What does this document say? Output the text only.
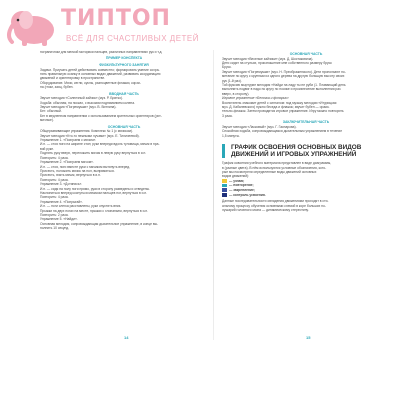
ТИПТОП
ВСЁ ДЛЯ СЧАСТЛИВЫХ ДЕТЕЙ
пограничном для мелкой моторики пальцев, различных направлениях рук и т.д.
ПРИМЕР КОНСПЕКТА
ФИЗКУЛЬТУРНОГО ЗАНЯТИЯ
Задачи. Приучать детей действовать совместно; формировать умение сохра-
нять правильную осанку в основных видах движений, развивать координацию
движений и ориентировку в пространстве.
Оборудование. Мячи, кегли, куклы, разноцветные флажки, корзи-
на (гном, заяц, бубен.
ВВОДНАЯ ЧАСТЬ
Звучит мелодия «Солнечный зайчик» (муз. Р. Бритко).
Ходьба: обычная, на носках, с высоким подниманием колена.
Звучит мелодия «Погремушки» (муз. В. Витлина).
Бег: обычный.
Бег в медленном направлении с использованием зрительных ориентиров (рит-
мичные).
ОСНОВНАЯ ЧАСТЬ
Общеразвивающие упражнения. Комплекс № 1 (с мячиком).
Звучит мелодия «Кто-то нежными лучами» (муз. Е. Тиличеевой).
Упражнение 1. «Поиграем с мячом».
И.п. — стоя ноги на ширине стоп; руки впереди вдоль туловища, мячик в пра-
вой руке.
Поднять руку вверх, переложить мячик в левую руку вернуться в и.п.
Повторить: 4 раза.
Упражнение 2. «Поиграем мячом».
И.п. — стоя, ноги вместе руки с мячиком вытянуть вперед.
Присесть, положить мячик на пол, выпрямиться.
Присесть, взять мячик, вернуться в и.п.
Повторить: 4 раза.
Упражнение 3. «Дотянись».
И.п. — сидя на полу ноги прямо, руки в сторону разведены и отведены.
Наклониться вперед коснуться мячиком пальцев ног, вернуться в и.п.
Повторить: 4 раза.
Упражнение 4. «Попрыгай».
И.п. — ноги слегка расставлены, руки опустить вниз.
Прыжки на двух ногах на месте, прыжки с хлопаньем, вернуться в и.п.
Повторить: 2 раза.
Упражнение 5. «Найди».
Основная мелодия, сопровождающая дыхательное упражнение, в конце вы-
полнить 10 секунд.
14
ОСНОВНАЯ ЧАСТЬ
Звучит мелодия «Веселые зайчики» (муз. Д. Шостаковича).
Дети сидят на стульях, произношение мне собственного размеру бруск
Бруск.
Звучит мелодия «Погремушки» (муз. Н. Преображенского). Дети проползают по-
метание по кругу с крупным из одного дерева на другую большую высоту своих
рук (1-й раз).
Той фуксию мыртурие мелодия «Найди на ладу ты не руби (1. Плавающий день
выполнить подвиг в надо по кругу по носике и произнесение выполнения раз
вверх, в сторону).
Игровое упражнение «Белочка и фонарик»
Воспитатель знакомит детей с сигналом: под музыку мелодии «Итурицкая
муз. Д. Кабалевского) нужно беседа и флажок; звучит бубен — ораки-
тельно-флажок. Затем проводится игровое упражнение. Игру можно повторить
3 раза.
ЗАКЛЮЧИТЕЛЬНАЯ ЧАСТЬ
Звучит мелодия «Ласковый» (муз. Г. Гаспарова).
Спокойная ходьба, сопровождающаяся дыхательным упражнением в течение
1,5 минуты.
ГРАФИК ОСВОЕНИЯ ОСНОВНЫХ ВИДОВ ДВИЖЕНИЙ И ИГРОВЫХ УПРАЖНЕНИЙ
График освоения учебного материала представлен в виде диаграммы,
в (разные цвета). В нём используются условные обозначения, кото-
рые мы посмотрели определенные виды движений основных
видов движений):
— узнаю;
— повторение;
— закрепление;
— контроль усвоения.
Данные последовательности овладения движениями проходят в сти-
альному процессу обучения основными схемой в коре больших по-
лушарий головного мозга — динамическому стереотипу.
15
